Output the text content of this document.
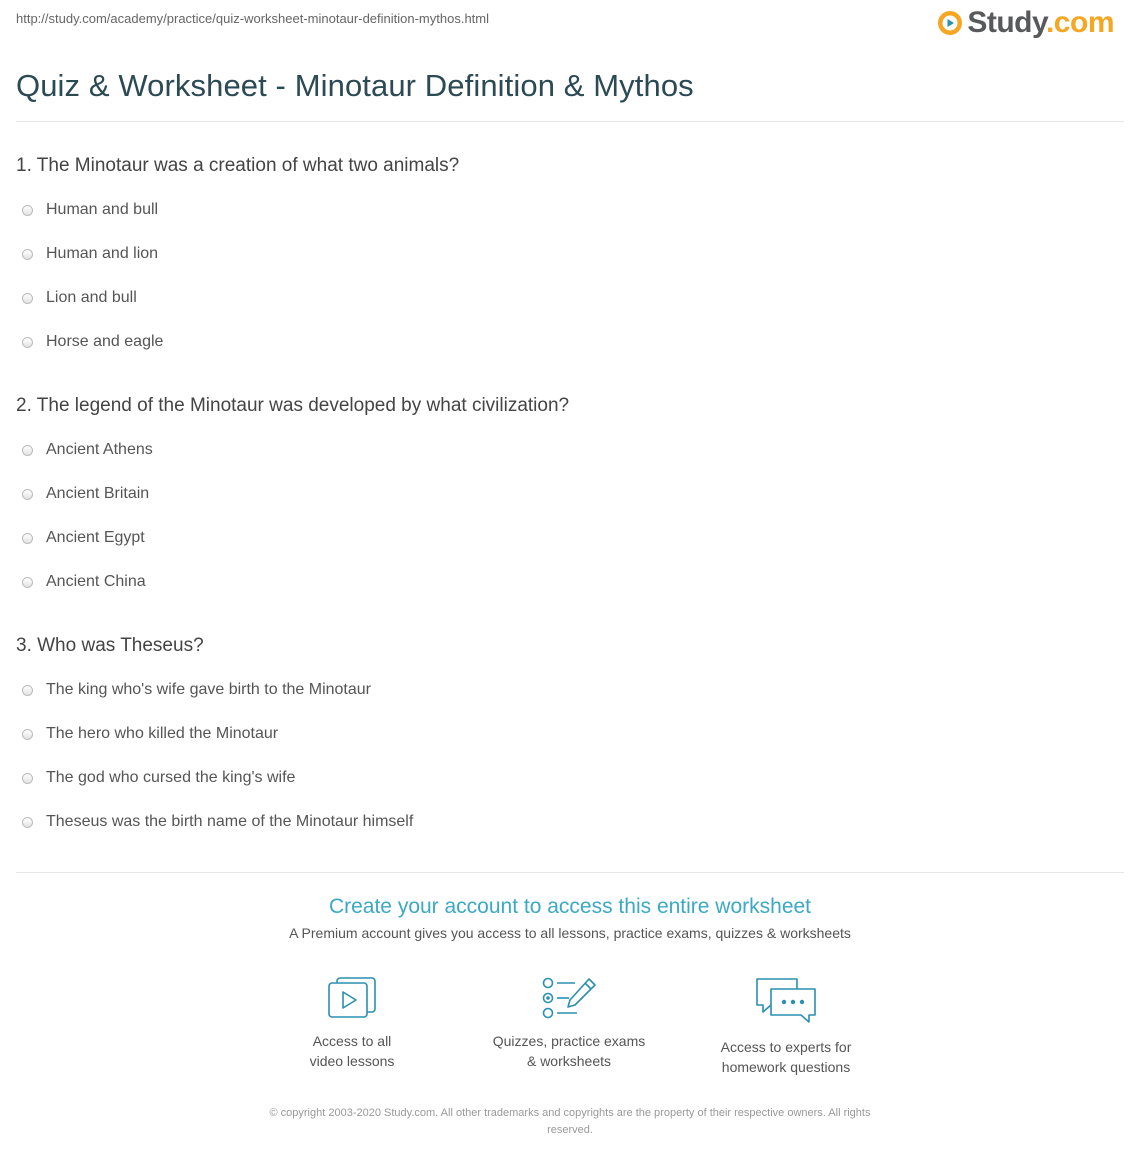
http://study.com/academy/practice/quiz-worksheet-minotaur-definition-mythos.html	Study.com
Quiz & Worksheet - Minotaur Definition & Mythos
1. The Minotaur was a creation of what two animals?
Human and bull
Human and lion
Lion and bull
Horse and eagle
2. The legend of the Minotaur was developed by what civilization?
Ancient Athens
Ancient Britain
Ancient Egypt
Ancient China
3. Who was Theseus?
The king who's wife gave birth to the Minotaur
The hero who killed the Minotaur
The god who cursed the king's wife
Theseus was the birth name of the Minotaur himself
Create your account to access this entire worksheet
A Premium account gives you access to all lessons, practice exams, quizzes & worksheets
Access to all
video lessons
Quizzes, practice exams
& worksheets
Access to experts for
homework questions
© copyright 2003-2020 Study.com. All other trademarks and copyrights are the property of their respective owners. All rights
reserved.
